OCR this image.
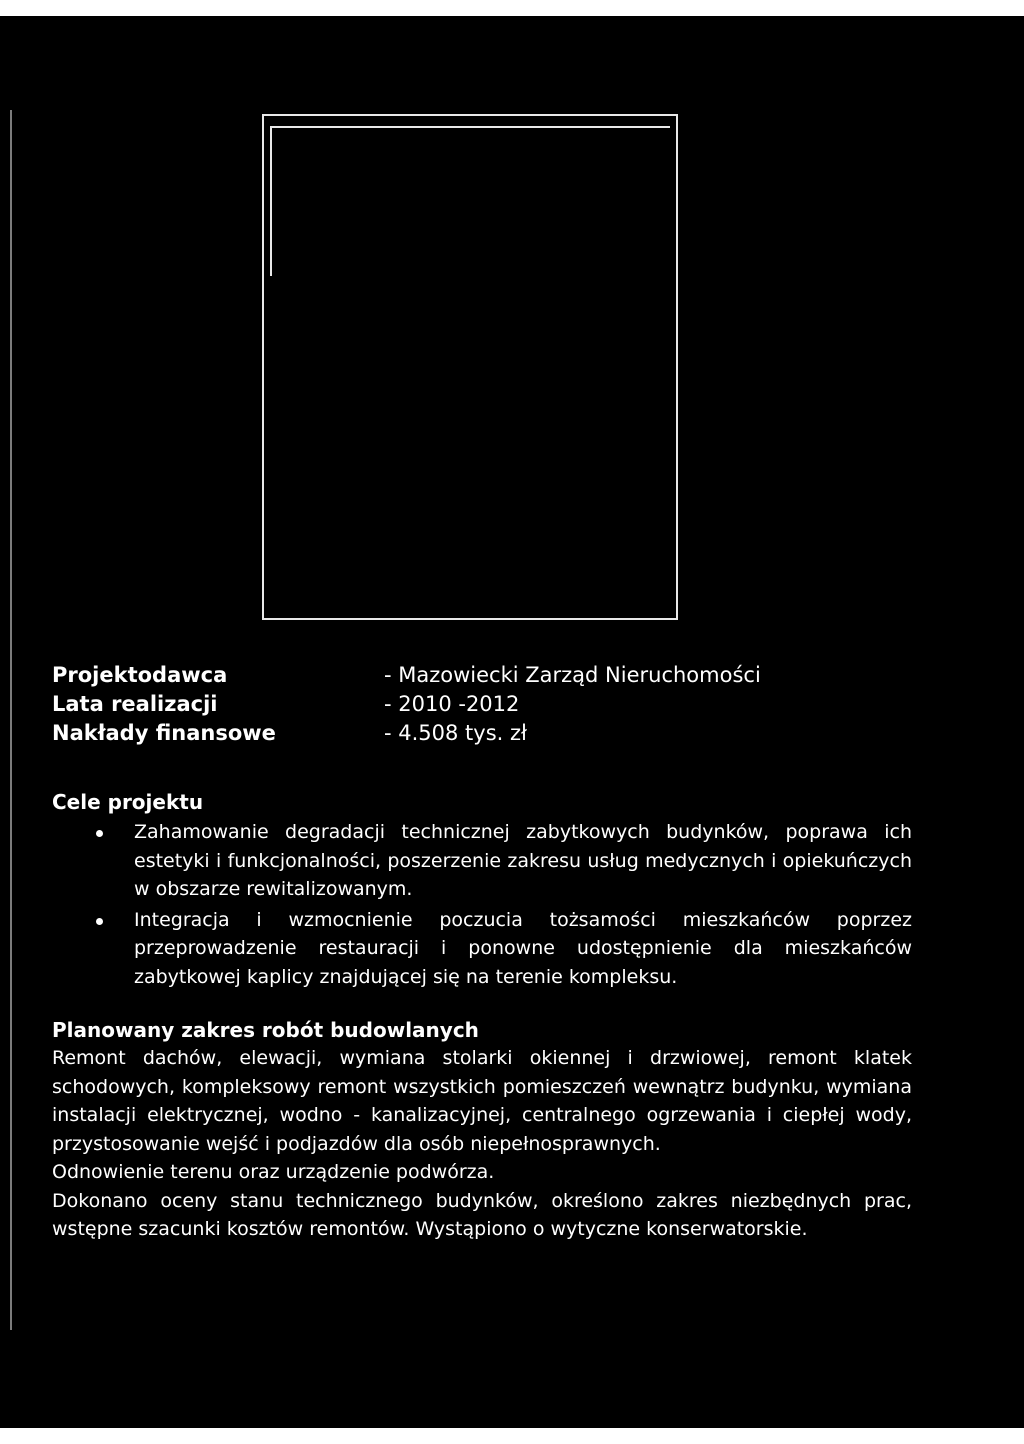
Projektodawca	- Mazowiecki Zarząd Nieruchomości
Lata realizacji	- 2010 -2012
Nakłady finansowe	- 4.508 tys. zł
Cele projektu
Zahamowanie degradacji technicznej zabytkowych budynków, poprawa ich estetyki i funkcjonalności, poszerzenie zakresu usług medycznych i opiekuńczych w obszarze rewitalizowanym.
Integracja i wzmocnienie poczucia tożsamości mieszkańców poprzez przeprowadzenie restauracji i ponowne udostępnienie dla mieszkańców zabytkowej kaplicy znajdującej się na terenie kompleksu.
Planowany zakres robót budowlanych

Remont dachów, elewacji, wymiana stolarki okiennej i drzwiowej, remont klatek schodowych, kompleksowy remont wszystkich pomieszczeń wewnątrz budynku, wymiana instalacji elektrycznej, wodno - kanalizacyjnej, centralnego ogrzewania i ciepłej wody, przystosowanie wejść i podjazdów dla osób niepełnosprawnych.

Odnowienie terenu oraz urządzenie podwórza.

Dokonano oceny stanu technicznego budynków, określono zakres niezbędnych prac, wstępne szacunki kosztów remontów. Wystąpiono o wytyczne konserwatorskie.
